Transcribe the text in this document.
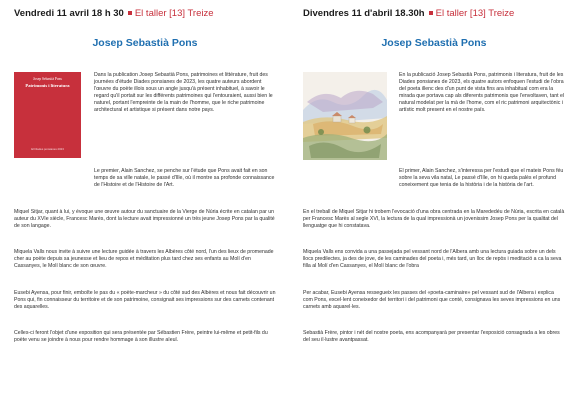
Vendredi 11 avril 18 h 30 El taller [13] Treize
Josep Sebastià Pons
Josep Sebastià Pons
Patrimonis i literatura
El Diades ponsianes 2023

Dans la publication Josep Sebastià Pons, patrimoines et littérature, fruit des journées d'étude Diades ponsianes de 2023, les quatre auteurs abordent l'œuvre du poète illois sous un angle jusqu'à présent inhabituel, à savoir le regard qu'il portait sur les différents patrimoines qui l'entouraient, aussi bien le naturel, portant l'empreinte de la main de l'homme, que le riche patrimoine architectural et artistique si présent dans notre pays.

Le premier, Alain Sanchez, se penche sur l'étude que Pons avait fait en son temps de sa ville natale, le passé d'Ille, où il montre sa profonde connaissance de l'Histoire et de l'Histoire de l'Art.

Miquel Sitjar, quant à lui, y évoque une œuvre autour du sanctuaire de la Vierge de Núria écrite en catalan par un auteur du XVIe siècle, Francesc Marès, dont la lecture avait impressionné un très jeune Josep Pons par la qualité de son langage.

Miquela Valls nous invite à suivre une lecture guidée à travers les Albères côté nord, l'un des lieux de promenade cher au poète depuis sa jeunesse et lieu de repos et méditation plus tard chez ses enfants au Molí d'en Cassanyes, le Molí blanc de son œuvre.

Eusebi Ayensa, pour finir, emboîte le pas du « poète-marcheur » du côté sud des Albères et nous fait découvrir un Pons qui, fin connaisseur du territoire et de son patrimoine, consignait ses impressions sur des carnets contenant des aquarelles.

Celles-ci feront l'objet d'une exposition qui sera présentée par Sébastien Frère, peintre lui-même et petit-fils du poète venu se joindre à nous pour rendre hommage à son illustre aïeul.

Divendres 11 d'abril 18.30h El taller [13] Treize
Josep Sebastià Pons

En la publicació Josep Sebastià Pons, patrimonis i literatura, fruit de les Diades ponsianes de 2023, els quatre autors enfoquen l'estudi de l'obra del poeta illenc des d'un punt de vista fins ara inhabitual com era la mirada que portava cap als diferents patrimonis que l'envoltaven, tant el natural modelat per la mà de l'home, com el ric patrimoni arquitectònic i artístic molt present en el nostre país.

El primer, Alain Sanchez, s'interessa per l'estudi que el mateix Pons féu sobre la seva vila natal, Le passé d'Ille, on hi queda palès el profund coneixement que tenia de la història i de la història de l'art.

En el treball de Miquel Sitjar hi trobem l'evocació d'una obra centrada en la Marededéu de Núria, escrita en català per Francesc Marès al segle XVI, la lectura de la qual impressionà un jovenissim Josep Pons per la qualitat del llenguatge que hi constatava.

Miquela Valls ens convida a una passejada pel vessant nord de l'Albera amb una lectura guiada sobre un dels llocs predilectes, ja des de jove, de les caminades del poeta i, més tard, un lloc de repòs i meditació a ca la seva filla al Molí d'en Cassanyes, el Molí blanc de l'obra

Per acabar, Eusebi Ayensa ressegueix les passes del «poeta-caminaire» pel vessant sud de l'Albera i explica com Pons, excel·lent coneixedor del territori i del patrimoni que conté, consignava les seves impressions en uns carnets amb aquarel·les.

Sebastià Frère, pintor i nét del nostre poeta, ens acompanyarà per presentar l'exposició consagrada a les obres del seu il·lustre avantpassat.
